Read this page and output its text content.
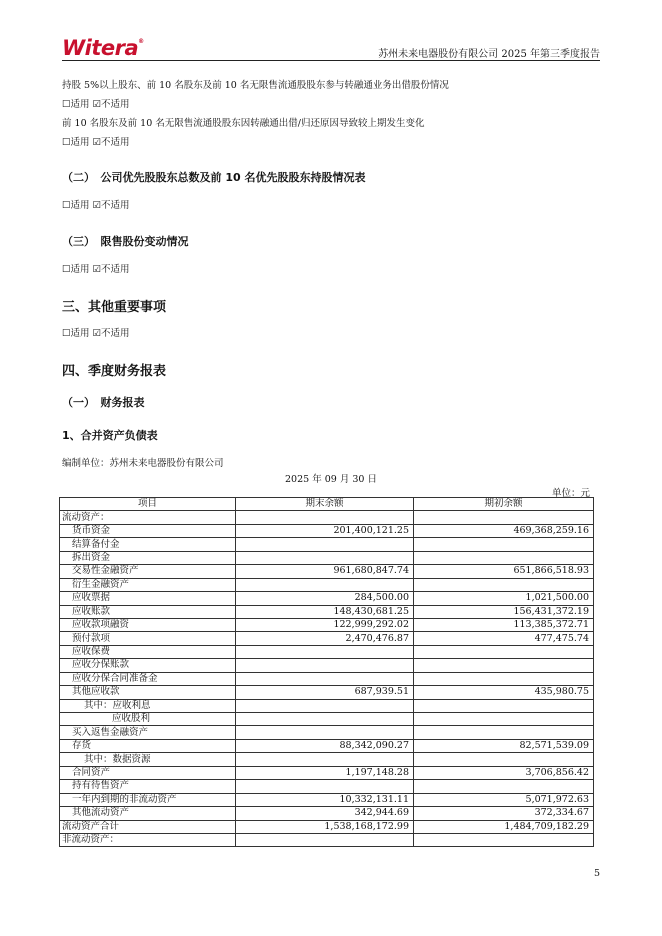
Witera®
苏州未来电器股份有限公司 2025 年第三季度报告
持股 5%以上股东、前 10 名股东及前 10 名无限售流通股股东参与转融通业务出借股份情况
☐适用 ☑不适用
前 10 名股东及前 10 名无限售流通股股东因转融通出借/归还原因导致较上期发生变化
☐适用 ☑不适用
（二）　公司优先股股东总数及前 10 名优先股股东持股情况表
☐适用 ☑不适用
（三）　限售股份变动情况
☐适用 ☑不适用
三、其他重要事项
☐适用 ☑不适用
四、季度财务报表
（一）　财务报表
1、合并资产负债表
编制单位：苏州未来电器股份有限公司
2025 年 09 月 30 日
单位：元
项目	期末余额	期初余额
流动资产：		
货币资金	201,400,121.25	469,368,259.16
结算备付金		
拆出资金		
交易性金融资产	961,680,847.74	651,866,518.93
衍生金融资产		
应收票据	284,500.00	1,021,500.00
应收账款	148,430,681.25	156,431,372.19
应收款项融资	122,999,292.02	113,385,372.71
预付款项	2,470,476.87	477,475.74
应收保费		
应收分保账款		
应收分保合同准备金		
其他应收款	687,939.51	435,980.75
其中：应收利息		
应收股利		
买入返售金融资产		
存货	88,342,090.27	82,571,539.09
其中：数据资源		
合同资产	1,197,148.28	3,706,856.42
持有待售资产		
一年内到期的非流动资产	10,332,131.11	5,071,972.63
其他流动资产	342,944.69	372,334.67
流动资产合计	1,538,168,172.99	1,484,709,182.29
非流动资产：		
5
